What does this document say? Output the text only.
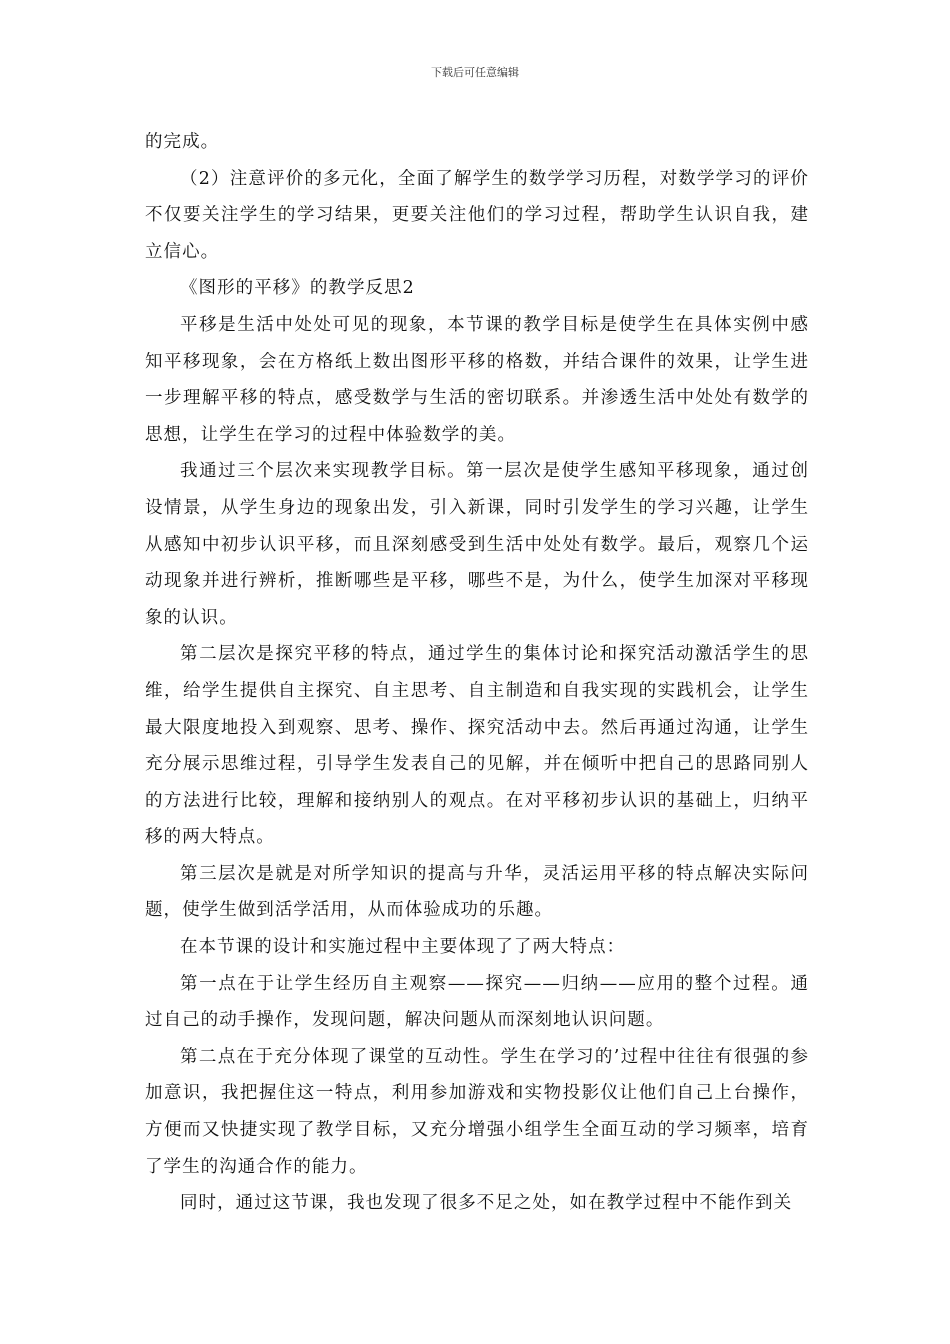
下载后可任意编辑

的完成。

（2）注意评价的多元化，全面了解学生的数学学习历程，对数学学习的评价不仅要关注学生的学习结果，更要关注他们的学习过程，帮助学生认识自我，建立信心。

《图形的平移》的教学反思2

平移是生活中处处可见的现象，本节课的教学目标是使学生在具体实例中感知平移现象，会在方格纸上数出图形平移的格数，并结合课件的效果，让学生进一步理解平移的特点，感受数学与生活的密切联系。并渗透生活中处处有数学的思想，让学生在学习的过程中体验数学的美。

我通过三个层次来实现教学目标。第一层次是使学生感知平移现象，通过创设情景，从学生身边的现象出发，引入新课，同时引发学生的学习兴趣，让学生从感知中初步认识平移，而且深刻感受到生活中处处有数学。最后，观察几个运动现象并进行辨析，推断哪些是平移，哪些不是，为什么，使学生加深对平移现象的认识。

第二层次是探究平移的特点，通过学生的集体讨论和探究活动激活学生的思维，给学生提供自主探究、自主思考、自主制造和自我实现的实践机会，让学生最大限度地投入到观察、思考、操作、探究活动中去。然后再通过沟通，让学生充分展示思维过程，引导学生发表自己的见解，并在倾听中把自己的思路同别人的方法进行比较，理解和接纳别人的观点。在对平移初步认识的基础上，归纳平移的两大特点。

第三层次是就是对所学知识的提高与升华，灵活运用平移的特点解决实际问题，使学生做到活学活用，从而体验成功的乐趣。

在本节课的设计和实施过程中主要体现了了两大特点：

第一点在于让学生经历自主观察——探究——归纳——应用的整个过程。通过自己的动手操作，发现问题，解决问题从而深刻地认识问题。

第二点在于充分体现了课堂的互动性。学生在学习的’过程中往往有很强的参加意识，我把握住这一特点，利用参加游戏和实物投影仪让他们自己上台操作，方便而又快捷实现了教学目标，又充分增强小组学生全面互动的学习频率，培育了学生的沟通合作的能力。

同时，通过这节课，我也发现了很多不足之处，如在教学过程中不能作到关
